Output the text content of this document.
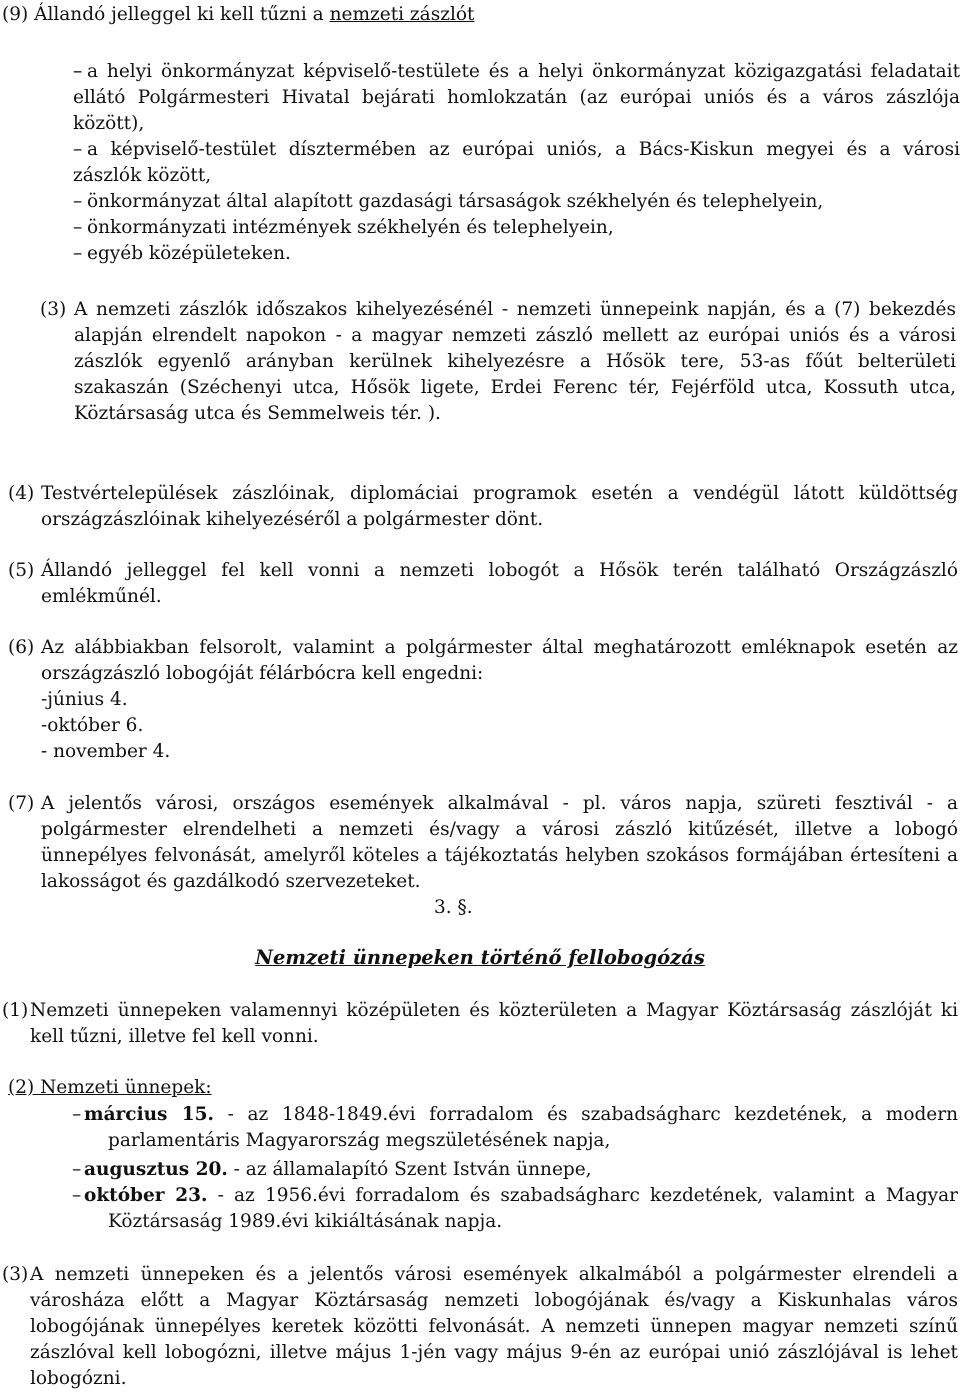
(9) Állandó jelleggel ki kell tűzni a nemzeti zászlót
– – a helyi önkormányzat képviselő-testülete és a helyi önkormányzat közigazgatási feladatait ellátó Polgármesteri Hivatal bejárati homlokzatán (az európai uniós és a város zászlója között),
– a képviselő-testület dísztermében az európai uniós, a Bács-Kiskun megyei és a városi zászlók között,
– önkormányzat által alapított gazdasági társaságok székhelyén és telephelyein,
– önkormányzati intézmények székhelyén és telephelyein,
– egyéb középületeken.
(3) A nemzeti zászlók időszakos kihelyezésénél - nemzeti ünnepeink napján, és a (7) bekezdés alapján elrendelt napokon - a magyar nemzeti zászló mellett az európai uniós és a városi zászlók egyenlő arányban kerülnek kihelyezésre a Hősök tere, 53-as főút belterületi szakaszán (Széchenyi utca, Hősök ligete, Erdei Ferenc tér, Fejérföld utca, Kossuth utca, Köztársaság utca és Semmelweis tér. ).
(4) Testvértelepülések zászlóinak, diplomáciai programok esetén a vendégül látott küldöttség országzászlóinak kihelyezéséről a polgármester dönt.
(5) Állandó jelleggel fel kell vonni a nemzeti lobogót a Hősök terén található Országzászló emlékműnél.
(6) Az alábbiakban felsorolt, valamint a polgármester által meghatározott emléknapok esetén az országzászló lobogóját félárbócra kell engedni:
-június 4.
-október 6.
- november 4.
(7) A jelentős városi, országos események alkalmával - pl. város napja, szüreti fesztivál - a polgármester elrendelheti a nemzeti és/vagy a városi zászló kitűzését, illetve a lobogó ünnepélyes felvonását, amelyről köteles a tájékoztatás helyben szokásos formájában értesíteni a lakosságot és gazdálkodó szervezeteket.
3. §.
Nemzeti ünnepeken történő fellobogózás
(1) Nemzeti ünnepeken valamennyi középületen és közterületen a Magyar Köztársaság zászlóját ki kell tűzni, illetve fel kell vonni.
(2) Nemzeti ünnepek:
– március 15. - az 1848-1849.évi forradalom és szabadságharc kezdetének, a modern parlamentáris Magyarország megszületésének napja,
– augusztus 20. - az államalapító Szent István ünnepe,
– október 23. - az 1956.évi forradalom és szabadságharc kezdetének, valamint a Magyar Köztársaság 1989.évi kikiáltásának napja.
(3) A nemzeti ünnepeken és a jelentős városi események alkalmából a polgármester elrendeli a városháza előtt a Magyar Köztársaság nemzeti lobogójának és/vagy a Kiskunhalas város lobogójának ünnepélyes keretek közötti felvonását. A nemzeti ünnepen magyar nemzeti színű zászlóval kell lobogózni, illetve május 1-jén vagy május 9-én az európai unió zászlójával is lehet lobogózni.
